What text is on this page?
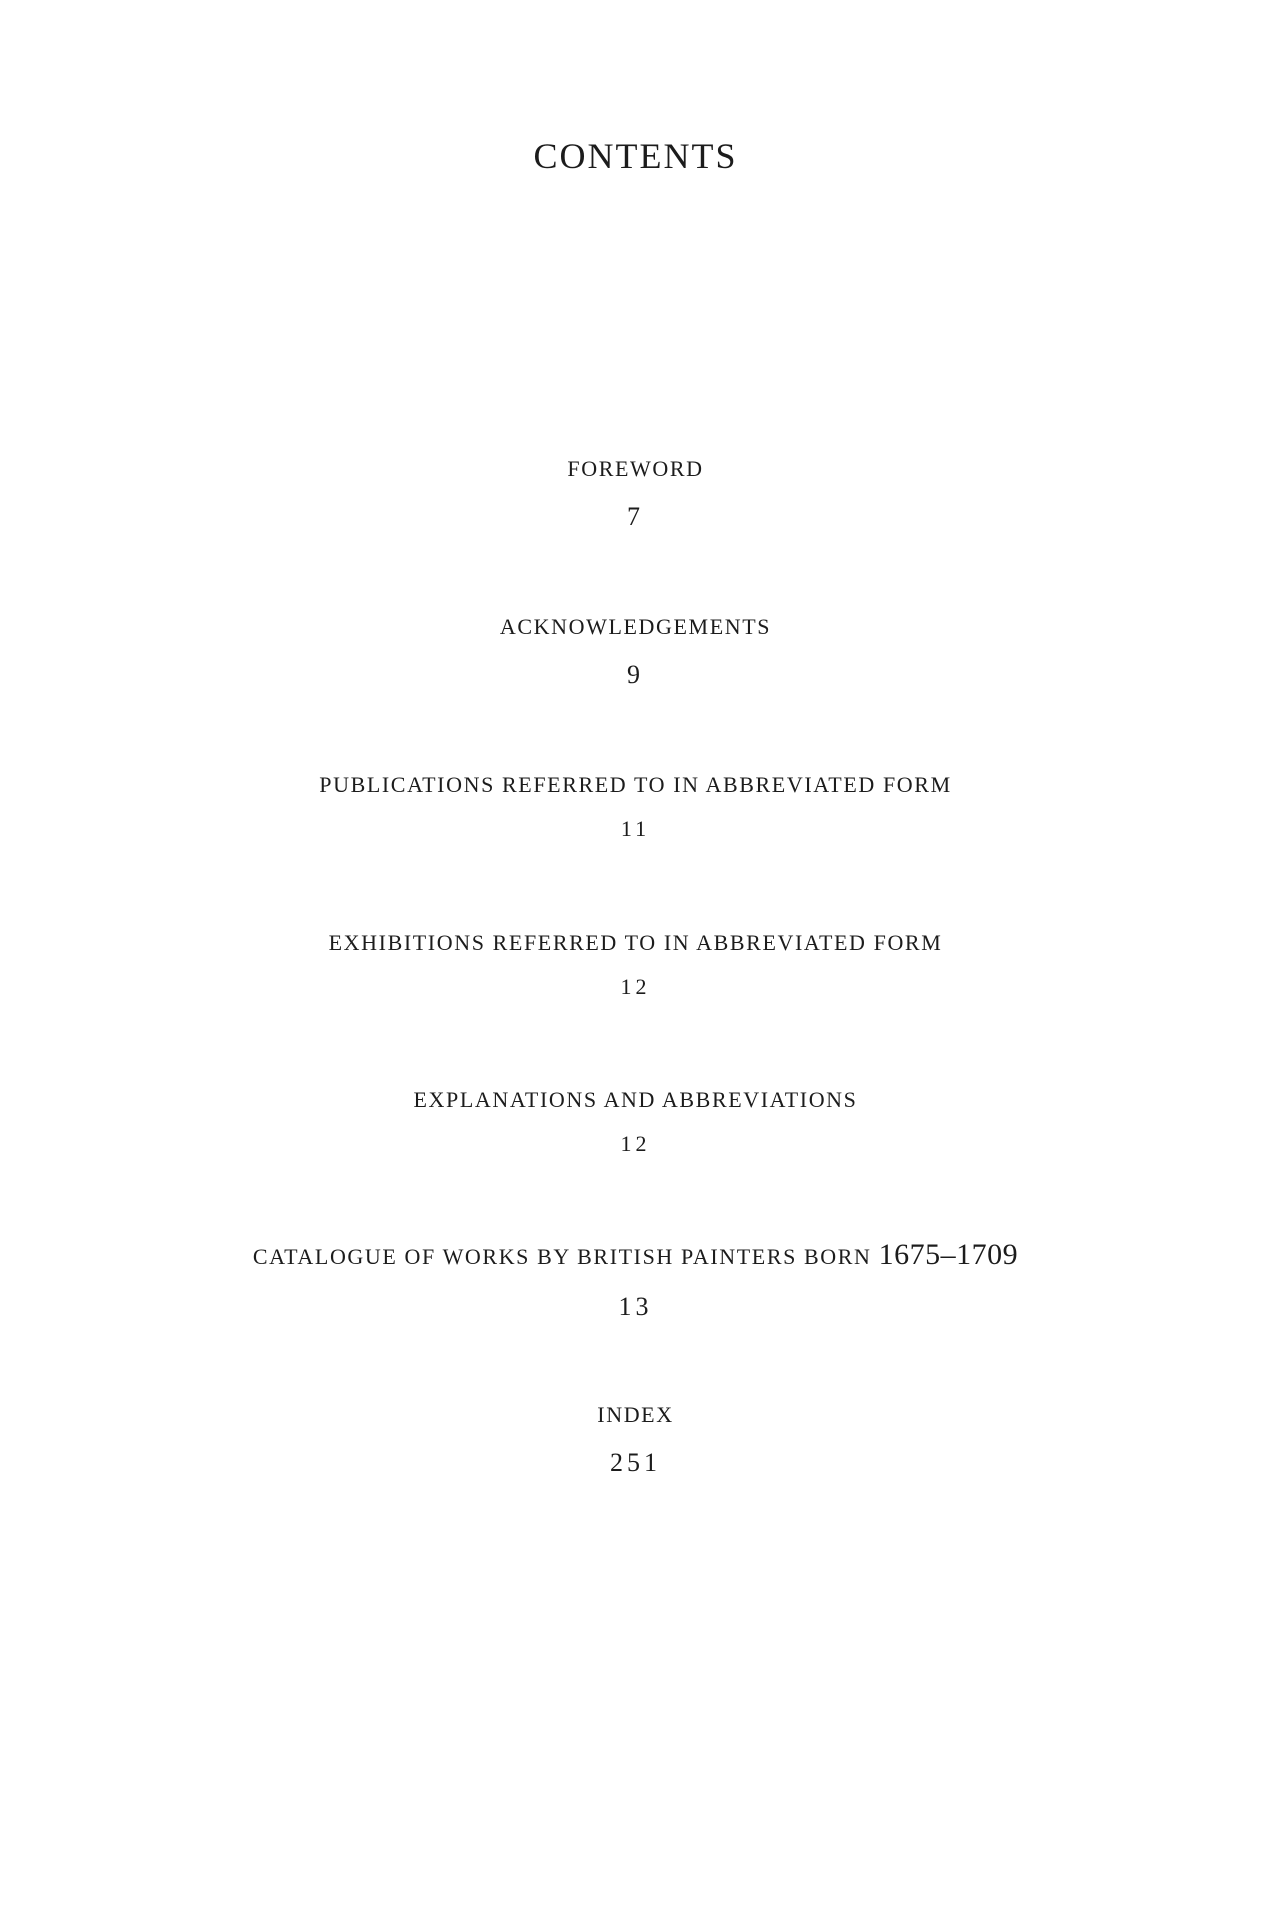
CONTENTS
FOREWORD
7
ACKNOWLEDGEMENTS
9
PUBLICATIONS REFERRED TO IN ABBREVIATED FORM
11
EXHIBITIONS REFERRED TO IN ABBREVIATED FORM
12
EXPLANATIONS AND ABBREVIATIONS
12
CATALOGUE OF WORKS BY BRITISH PAINTERS BORN 1675–1709
13
INDEX
251
